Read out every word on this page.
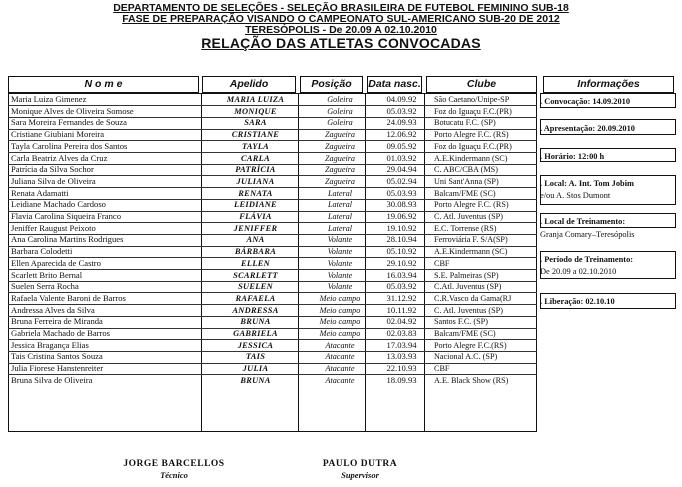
DEPARTAMENTO DE SELEÇÕES - SELEÇÃO BRASILEIRA DE FUTEBOL FEMININO SUB-18
FASE DE PREPARAÇÃO VISANDO O CAMPEONATO SUL-AMERICANO SUB-20 DE 2012
TERESÓPOLIS - De 20.09 A 02.10.2010
RELAÇÃO DAS ATLETAS CONVOCADAS
N o m e	Apelido	Posição	Data nasc.	Clube	Informações
Maria Luiza Gimenez	MARIA LUIZA	Goleira	04.09.92	São Caetano/Unipe-SP
Monique Alves de Oliveira Somose	MONIQUE	Goleira	05.03.92	Foz do Iguaçu F.C.(PR)
Sara Moreira Fernandes de Souza	SARA	Goleira	24.09.93	Botucatu F.C. (SP)
Cristiane Giubiani Moreira	CRISTIANE	Zagueira	12.06.92	Porto Alegre F.C. (RS)
Tayla Carolina Pereira dos Santos	TAYLA	Zagueira	09.05.92	Foz do Iguaçu F.C.(PR)
Carla Beatriz Alves da Cruz	CARLA	Zagueira	01.03.92	A.E.Kindermann (SC)
Patrícia da Silva Sochor	PATRÍCIA	Zagueira	29.04.94	C. ABC/CBA (MS)
Juliana Silva de Oliveira	JULIANA	Zagueira	05.02.94	Uni Sant'Anna (SP)
Renata Adamatti	RENATA	Lateral	05.03.93	Balcam/FME (SC)
Leidiane Machado Cardoso	LEIDIANE	Lateral	30.08.93	Porto Alegre F.C. (RS)
Flavia Carolina Siqueira Franco	FLÁVIA	Lateral	19.06.92	C. Atl. Juventus (SP)
Jeniffer Raugust Peixoto	JENIFFER	Lateral	19.10.92	E.C. Torrense (RS)
Ana Carolina Martins Rodrigues	ANA	Volante	28.10.94	Ferroviária F. S/A(SP)
Barbara Colodetti	BÁRBARA	Volante	05.10.92	A.E.Kindermann (SC)
Ellen Aparecida de Castro	ELLEN	Volante	29.10.92	CBF
Scarlett Brito Bernal	SCARLETT	Volante	16.03.94	S.E. Palmeiras (SP)
Suelen Serra Rocha	SUELEN	Volante	05.03.92	C.Atl. Juventus (SP)
Rafaela Valente Baroni de Barros	RAFAELA	Meio campo	31.12.92	C.R.Vasco da Gama(RJ
Andressa Alves da Silva	ANDRESSA	Meio campo	10.11.92	C. Atl. Juventus (SP)
Bruna Ferreira de Miranda	BRUNA	Meio campo	02.04.92	Santos F.C. (SP)
Gabriela Machado de Barros	GABRIELA	Meio campo	02.03.83	Balcam/FME (SC)
Jessica Bragança Elias	JESSICA	Atacante	17.03.94	Porto Alegre F.C.(RS)
Tais Cristina Santos Souza	TAIS	Atacante	13.03.93	Nacional A.C. (SP)
Julia Fiorese Hanstenreiter	JULIA	Atacante	22.10.93	CBF
Bruna Silva de Oliveira	BRUNA	Atacante	18.09.93	A.E. Black Show (RS)
. Convocação: 14.09.2010
. Apresentação: 20.09.2010
. Horário: 12:00 h
. Local: A. Int. Tom Jobim
e/ou A. Stos Dumont
. Local de Treinamento:
Granja Comary–Teresópolis
. Período de Treinamento:
De 20.09 a 02.10.2010
. Liberação: 02.10.10
JORGE BARCELLOS
Técnico
PAULO DUTRA
Supervisor
